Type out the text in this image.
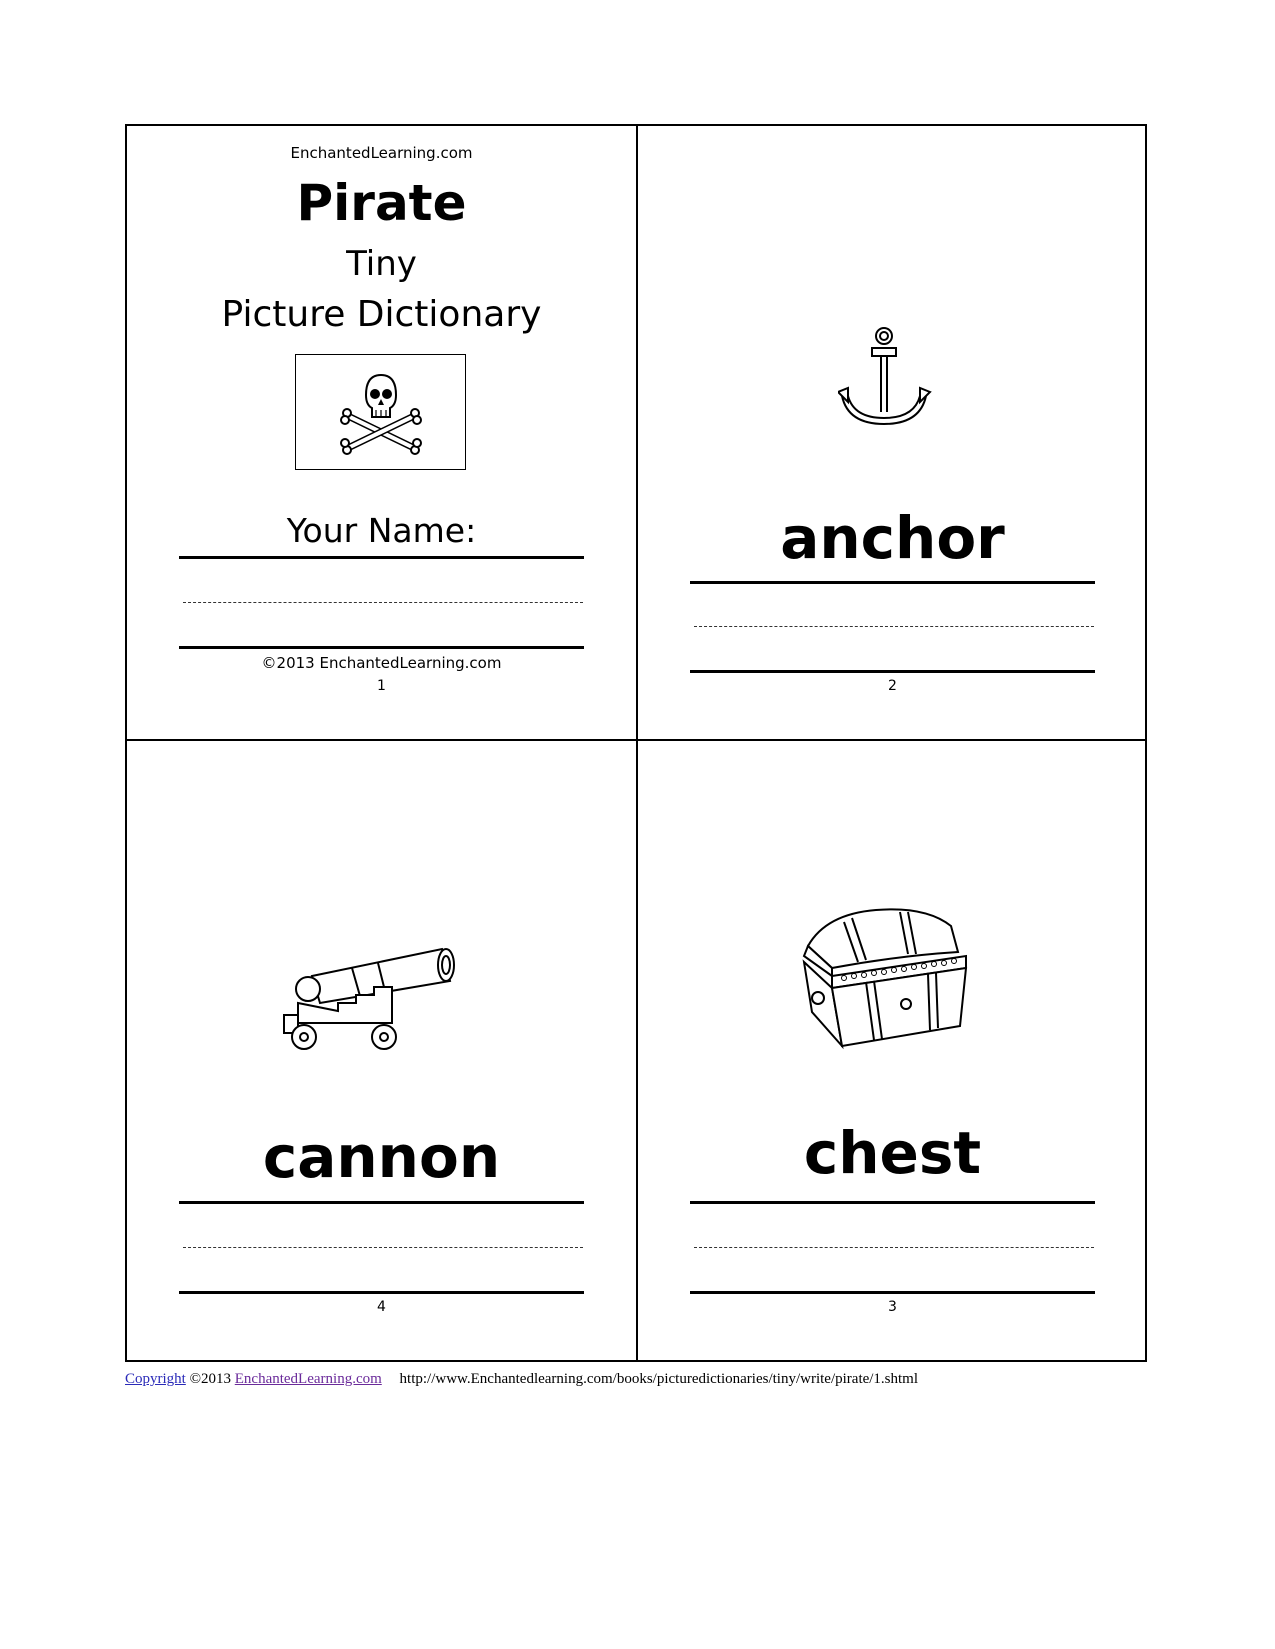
EnchantedLearning.com
Pirate
Tiny
Picture Dictionary
Your Name:
©2013 EnchantedLearning.com
1
anchor
2
cannon
4
chest
3
Copyright ©2013 EnchantedLearning.com http://www.Enchantedlearning.com/books/picturedictionaries/tiny/write/pirate/1.shtml
